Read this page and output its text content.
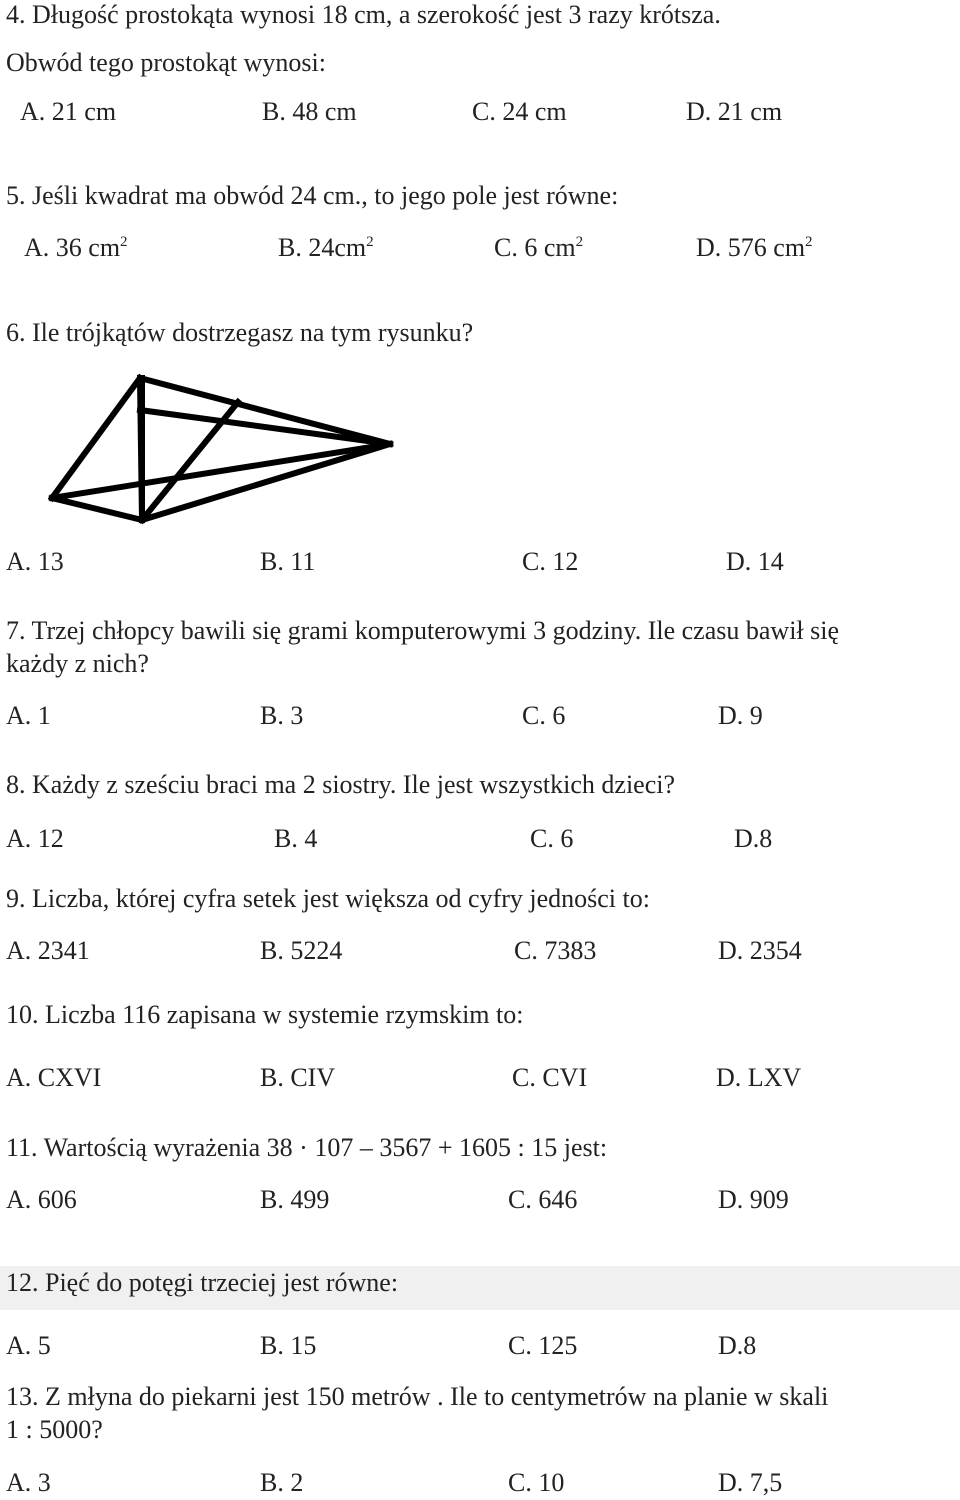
4. Długość prostokąta wynosi 18 cm, a szerokość jest 3 razy krótsza.
Obwód tego prostokąt wynosi:
A. 21 cm	B. 48 cm	C. 24 cm	D. 21 cm
5. Jeśli kwadrat ma obwód 24 cm., to jego pole jest równe:
A. 36 $cm^2$	B. $24cm^2$	C. 6 $cm^2$	D. 576 $cm^2$
6. Ile trójkątów dostrzegasz na tym rysunku?
A. 13	B. 11	C. 12	D. 14
7. Trzej chłopcy bawili się grami komputerowymi 3 godziny. Ile czasu bawił się
każdy z nich?
A. 1	B. 3	C. 6	D. 9
8. Każdy z sześciu braci ma 2 siostry. Ile jest wszystkich dzieci?
A. 12	B. 4	C. 6	D.8
9. Liczba, której cyfra setek jest większa od cyfry jedności to:
A. 2341	B. 5224	C. 7383	D. 2354
10. Liczba 116 zapisana w systemie rzymskim to:
A. CXVI	B. CIV	C. CVI	D. LXV
11. Wartością wyrażenia 38 · 107 – 3567 + 1605 : 15 jest:
A. 606	B. 499	C. 646	D. 909
12. Pięć do potęgi trzeciej jest równe:
A. 5	B. 15	C. 125	D.8
13. Z młyna do piekarni jest 150 metrów . Ile to centymetrów na planie w skali
1 : 5000?
A. 3	B. 2	C. 10	D. 7,5
